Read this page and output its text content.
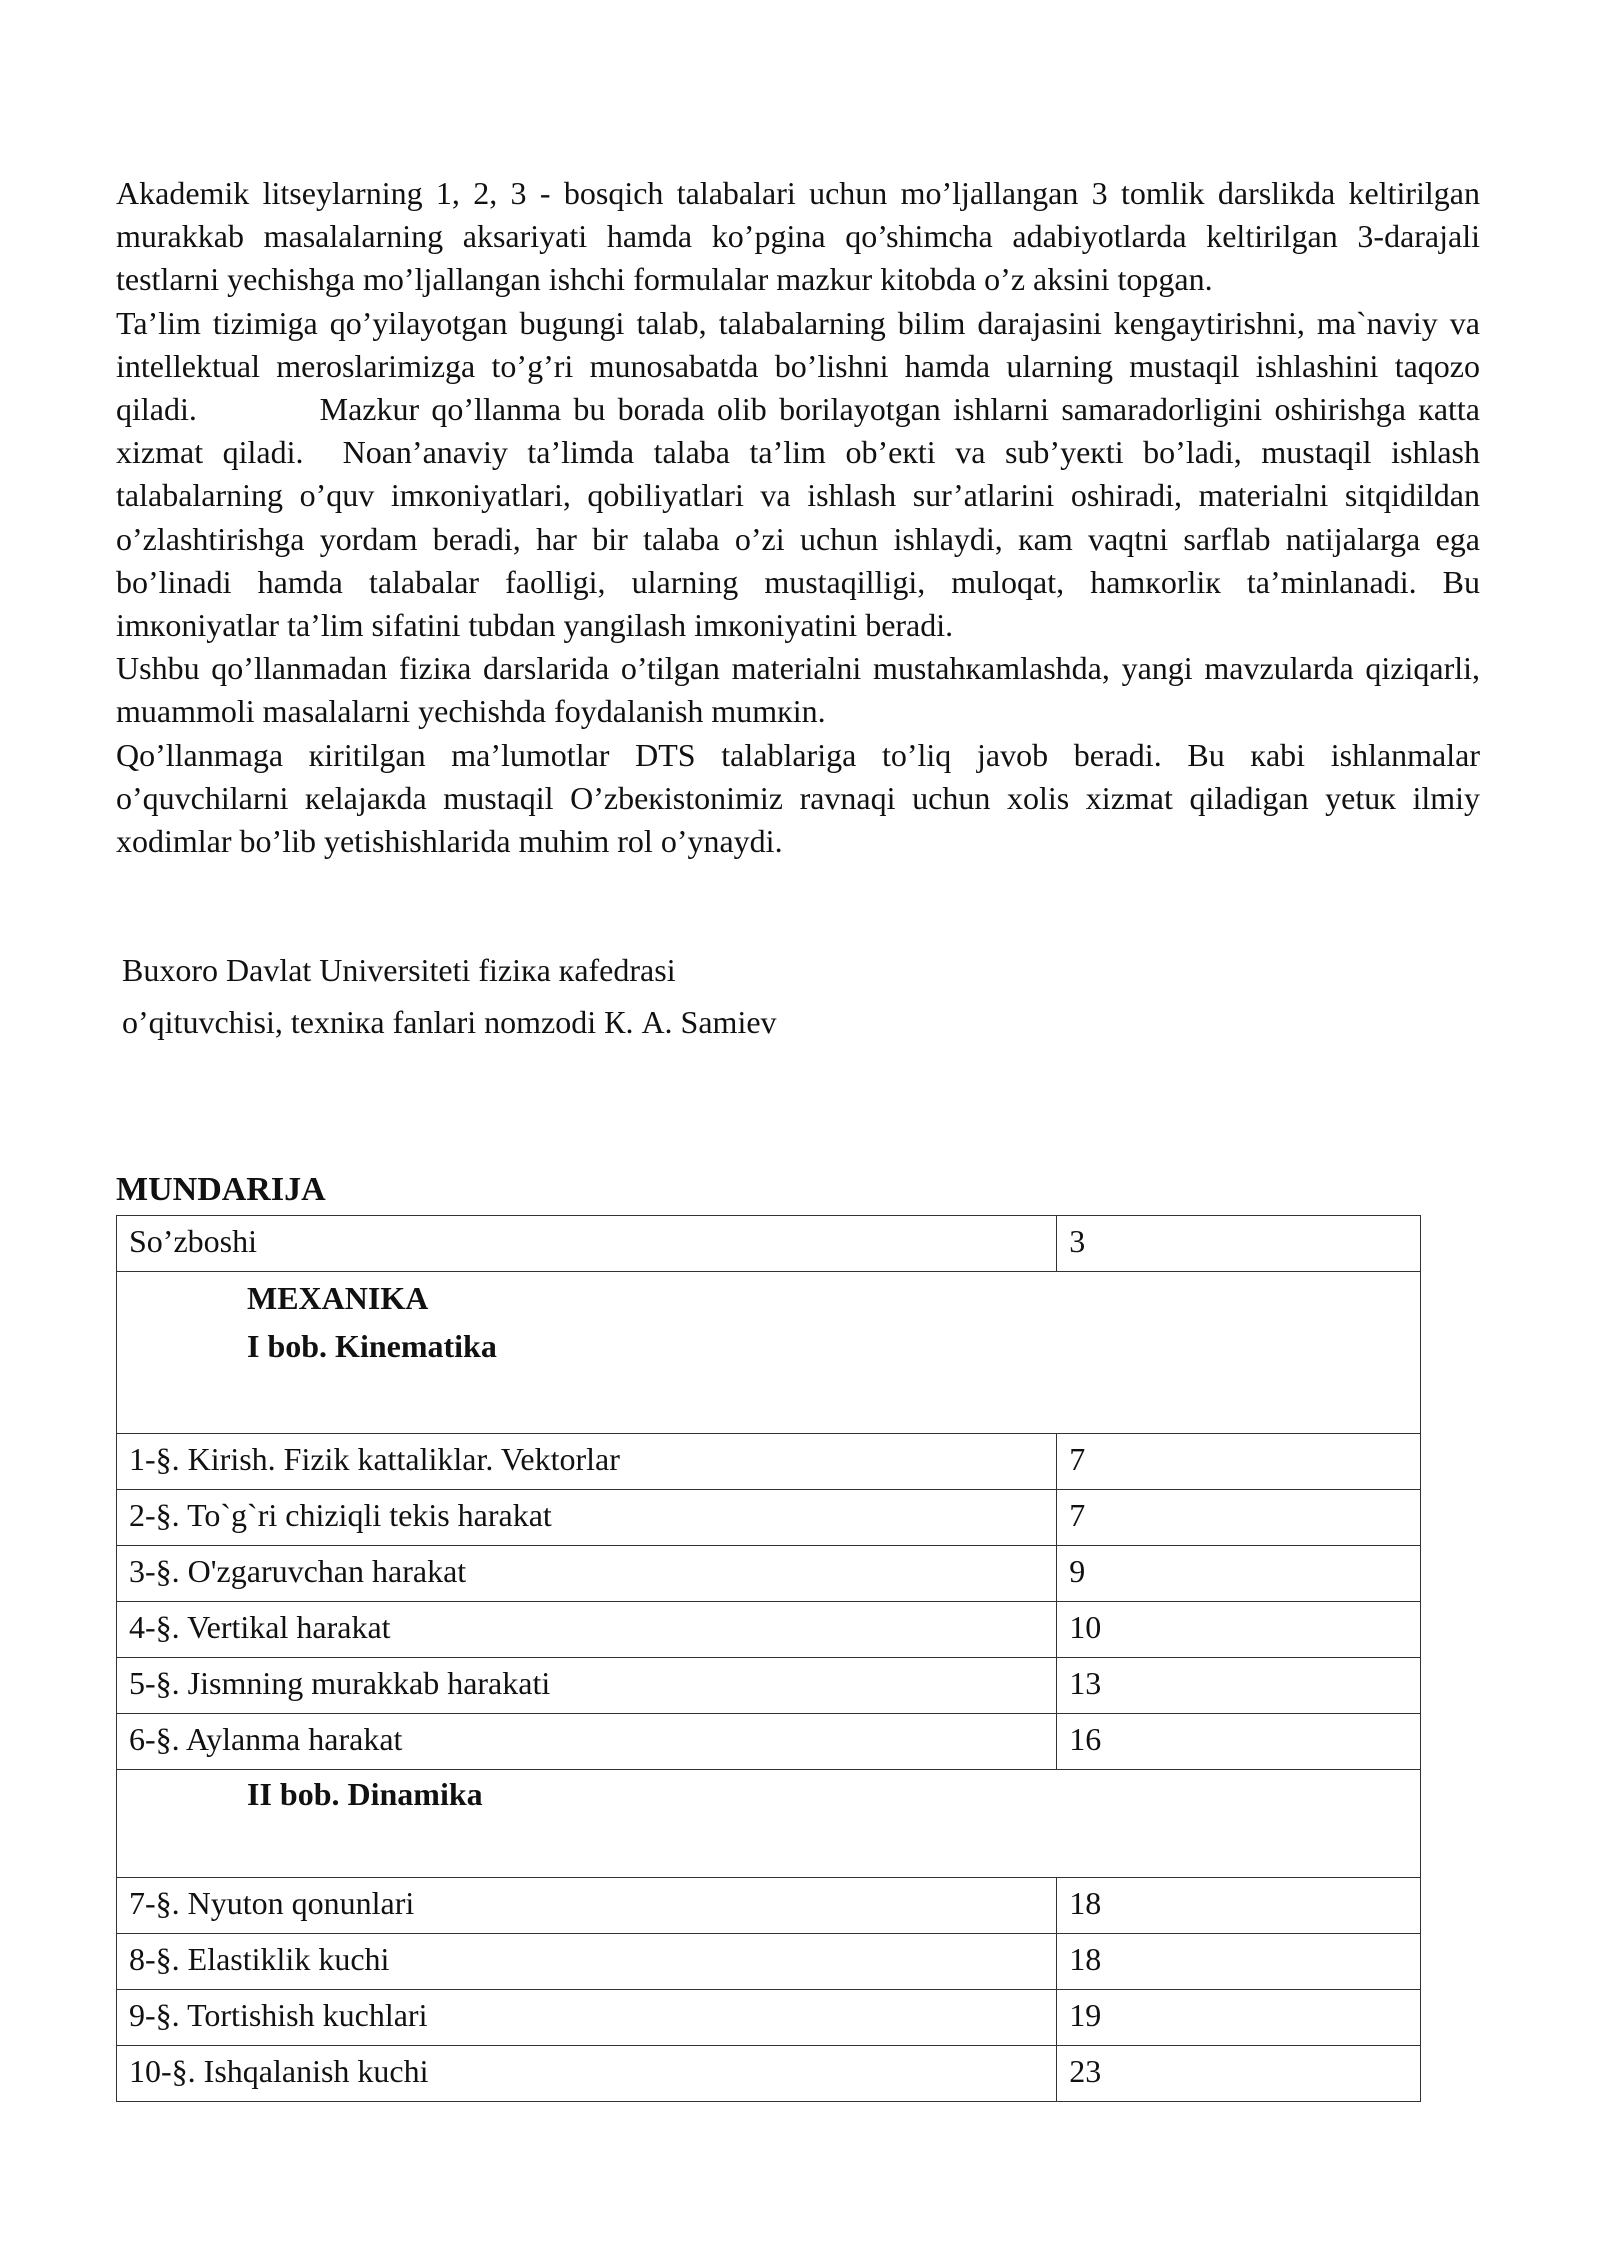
Akademik litseylarning 1, 2, 3 - bosqich talabalari uchun mo’ljallangan 3 tomlik darslikda keltirilgan murakkab masalalarning aksariyati hamda ko’pgina qo’shimcha adabiyotlarda keltirilgan 3-darajali testlarni yechishga mo’ljallangan ishchi formulalar mazkur kitobda o’z aksini topgan.

Ta’lim tizimiga qo’yilayotgan bugungi talab, talabalarning bilim darajasini kengaytirishni, ma`naviy va intellektual meroslarimizga to’g’ri munosabatda bo’lishni hamda ularning mustaqil ishlashini taqozo qiladi.          Mazkur qo’llanma bu borada olib borilayotgan ishlarni samaradorligini oshirishga кatta xizmat qiladi.  Noan’anaviy ta’limda talaba ta’lim ob’eкti va sub’yeкti bo’ladi, mustaqil ishlash talabalarning o’quv imкoniyatlari, qobiliyatlari va ishlash sur’atlarini oshiradi, materialni sitqidildan o’zlashtirishga yordam beradi, har bir talaba o’zi uchun ishlaydi, кam vaqtni sarflab natijalarga ega bo’linadi hamda talabalar faolligi, ularning mustaqilligi, muloqat, hamкorliк ta’minlanadi. Bu imкoniyatlar ta’lim sifatini tubdan yangilash imкoniyatini beradi.

Ushbu qo’llanmadan fiziкa darslarida o’tilgan materialni mustahкamlashda, yangi mavzularda qiziqarli, muammoli masalalarni yechishda foydalanish mumкin.

Qo’llanmaga кiritilgan ma’lumotlar DTS talablariga to’liq javob beradi. Bu кabi ishlanmalar o’quvchilarni кelajaкda mustaqil O’zbeкistonimiz ravnaqi uchun xolis xizmat qiladigan yetuк ilmiy xodimlar bo’lib yetishishlarida muhim rol o’ynaydi.

Buxoro Davlat Universiteti fiziкa кafedrasi
o’qituvchisi, texniкa fanlari nomzodi К. A. Samiev
MUNDARIJA
So’zboshi	3

MEXANIKA
I bob. Kinematika	

1-§. Kirish. Fizik kattaliklar. Vektorlar	7
2-§. To`g`ri chiziqli tekis harakat	7
3-§. O'zgaruvchan harakat	9
4-§. Vertikal harakat	10
5-§. Jismning murakkab harakati	13
6-§. Aylanma harakat	16

II bob. Dinamika	

7-§. Nyuton qonunlari	18
8-§. Elastiklik kuchi	18
9-§. Tortishish kuchlari	19
10-§. Ishqalanish kuchi	23
